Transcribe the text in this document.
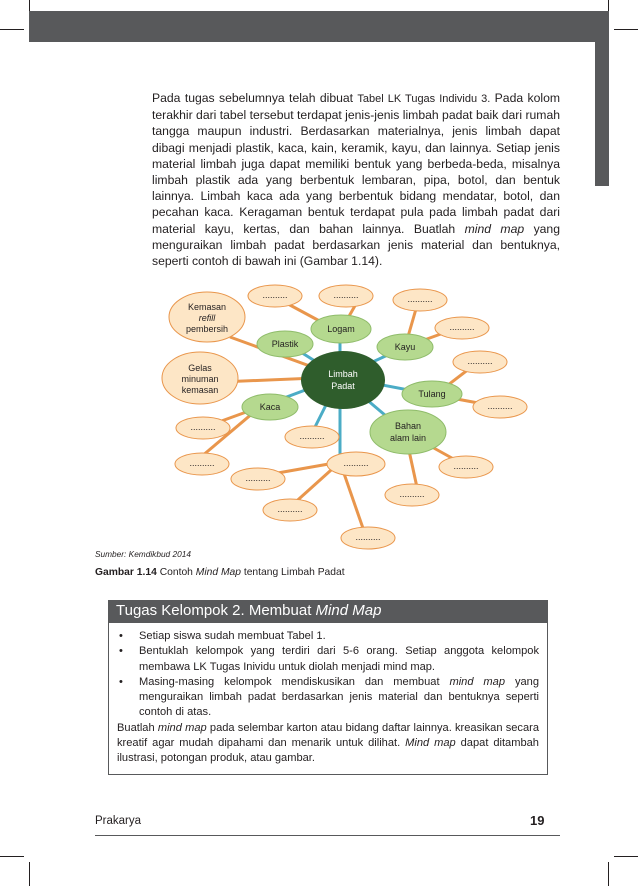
Pada tugas sebelumnya telah dibuat Tabel LK Tugas Individu 3. Pada kolom terakhir dari tabel tersebut terdapat jenis-jenis limbah padat baik dari rumah tangga maupun industri. Berdasarkan materialnya, jenis limbah dapat dibagi menjadi plastik, kaca, kain, keramik, kayu, dan lainnya. Setiap jenis material limbah juga dapat memiliki bentuk yang berbeda-beda, misalnya limbah plastik ada yang berbentuk lembaran, pipa, botol, dan bentuk lainnya. Limbah kaca ada yang berbentuk bidang mendatar, botol, dan pecahan kaca. Keragaman bentuk terdapat pula pada limbah padat dari material kayu, kertas, dan bahan lainnya. Buatlah mind map yang menguraikan limbah padat berdasarkan jenis material dan bentuknya, seperti contoh di bawah ini (Gambar 1.14).

Limbah
Padat
Plastik
Logam
Kayu
Tulang
Bahan
alam lain
Kaca
Kemasan
refill
pembersih
Gelas
minuman
kemasan
..........	..........	..........
..........
..........
..........
..........
..........
..........
..........
..........
..........
..........
..........
..........
Sumber: Kemdikbud 2014
Gambar 1.14 Contoh Mind Map tentang Limbah Padat
Tugas Kelompok 2. Membuat Mind Map
• Setiap siswa sudah membuat Tabel 1.
• Bentuklah kelompok yang terdiri dari 5-6 orang. Setiap anggota kelompok membawa LK Tugas Inividu untuk diolah menjadi mind map.
• Masing-masing kelompok mendiskusikan dan membuat mind map yang menguraikan limbah padat berdasarkan jenis material dan bentuknya seperti contoh di atas.

Buatlah mind map pada selembar karton atau bidang daftar lainnya. kreasikan secara kreatif agar mudah dipahami dan menarik untuk dilihat. Mind map dapat ditambah ilustrasi, potongan produk, atau gambar.

Prakarya	19
